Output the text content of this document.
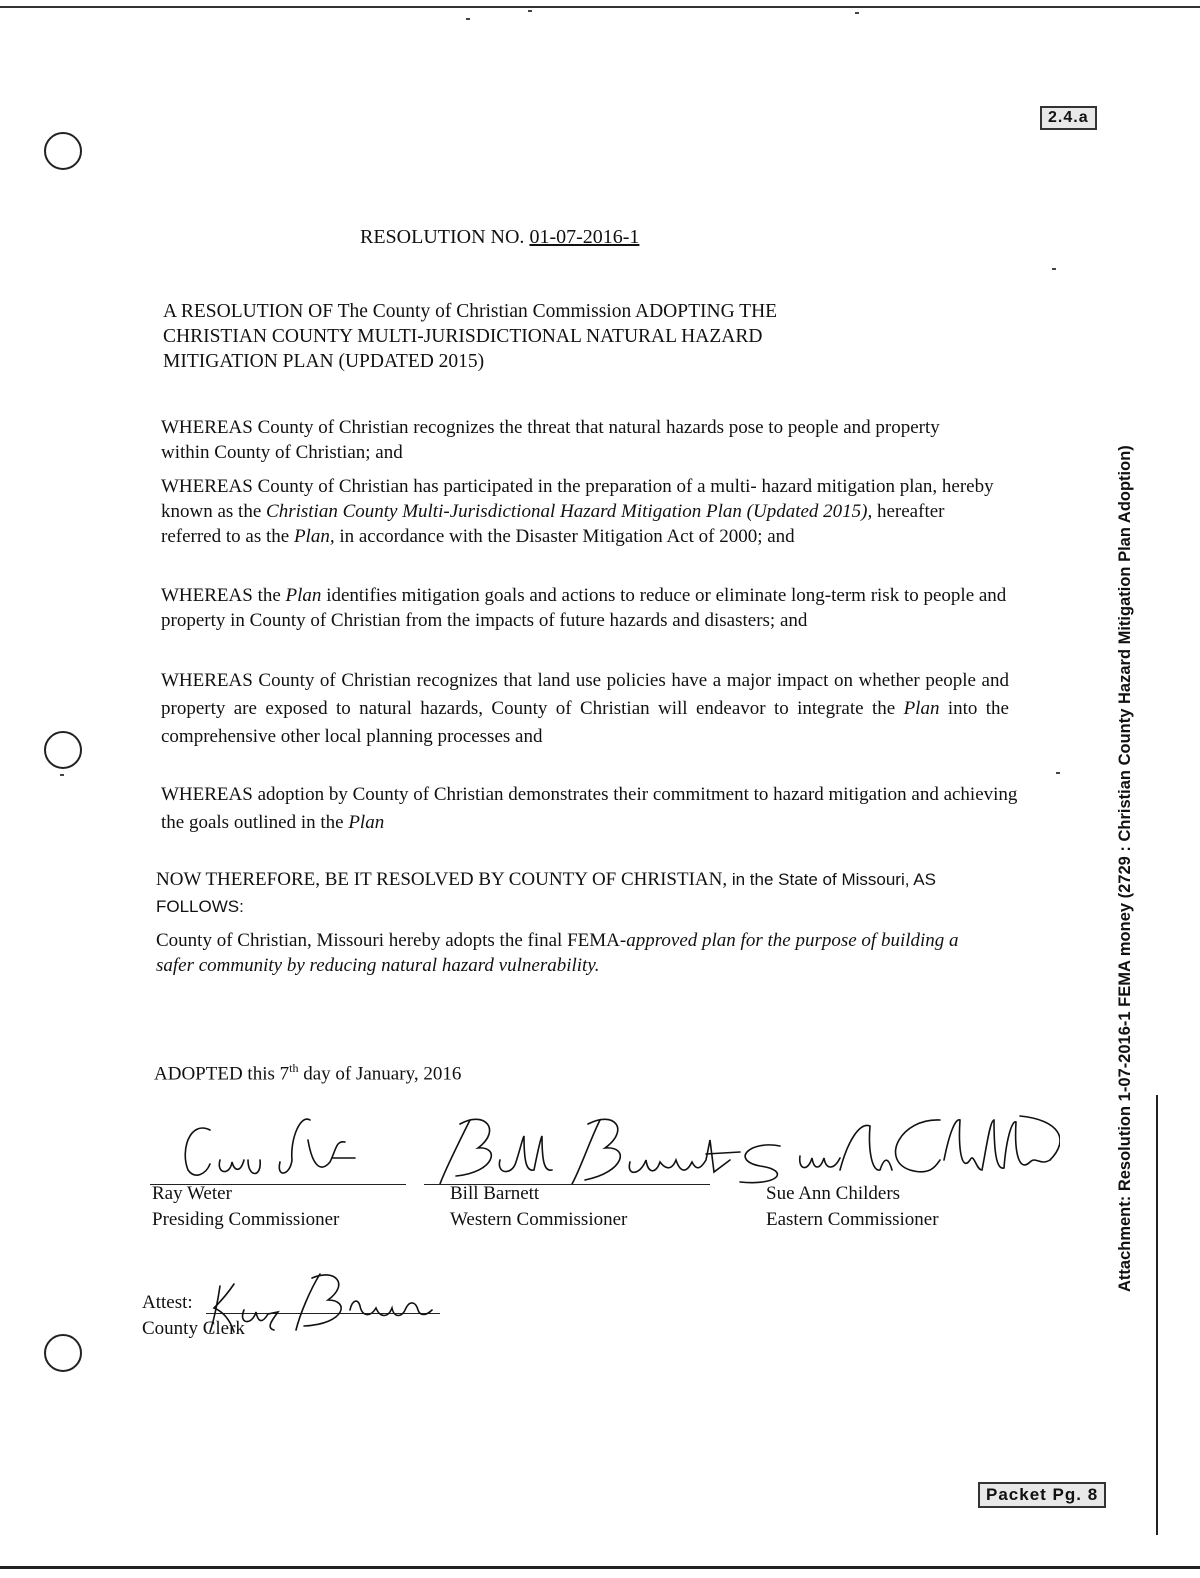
2.4.a
RESOLUTION NO. 01-07-2016-1
A RESOLUTION OF The County of Christian Commission ADOPTING THE
CHRISTIAN COUNTY MULTI-JURISDICTIONAL NATURAL HAZARD
MITIGATION PLAN (UPDATED 2015)
WHEREAS County of Christian recognizes the threat that natural hazards pose to people and property within County of Christian; and
WHEREAS County of Christian has participated in the preparation of a multi- hazard mitigation plan, hereby known as the Christian County Multi-Jurisdictional Hazard Mitigation Plan (Updated 2015), hereafter referred to as the Plan, in accordance with the Disaster Mitigation Act of 2000; and
WHEREAS the Plan identifies mitigation goals and actions to reduce or eliminate long-term risk to people and property in County of Christian from the impacts of future hazards and disasters; and
WHEREAS County of Christian recognizes that land use policies have a major impact on whether people and property are exposed to natural hazards, County of Christian will endeavor to integrate the Plan into the comprehensive other local planning processes and
WHEREAS adoption by County of Christian demonstrates their commitment to hazard mitigation and achieving the goals outlined in the Plan
NOW THEREFORE, BE IT RESOLVED BY COUNTY OF CHRISTIAN, in the State of Missouri, AS FOLLOWS:
County of Christian, Missouri hereby adopts the final FEMA-approved plan for the purpose of building a safer community by reducing natural hazard vulnerability.
ADOPTED this 7th day of January, 2016
Ray Weter
Presiding Commissioner
Bill Barnett
Western Commissioner
Sue Ann Childers
Eastern Commissioner
Attest:
County Clerk
Attachment: Resolution 1-07-2016-1 FEMA money (2729 : Christian County Hazard Mitigation Plan Adoption)
Packet Pg. 8
